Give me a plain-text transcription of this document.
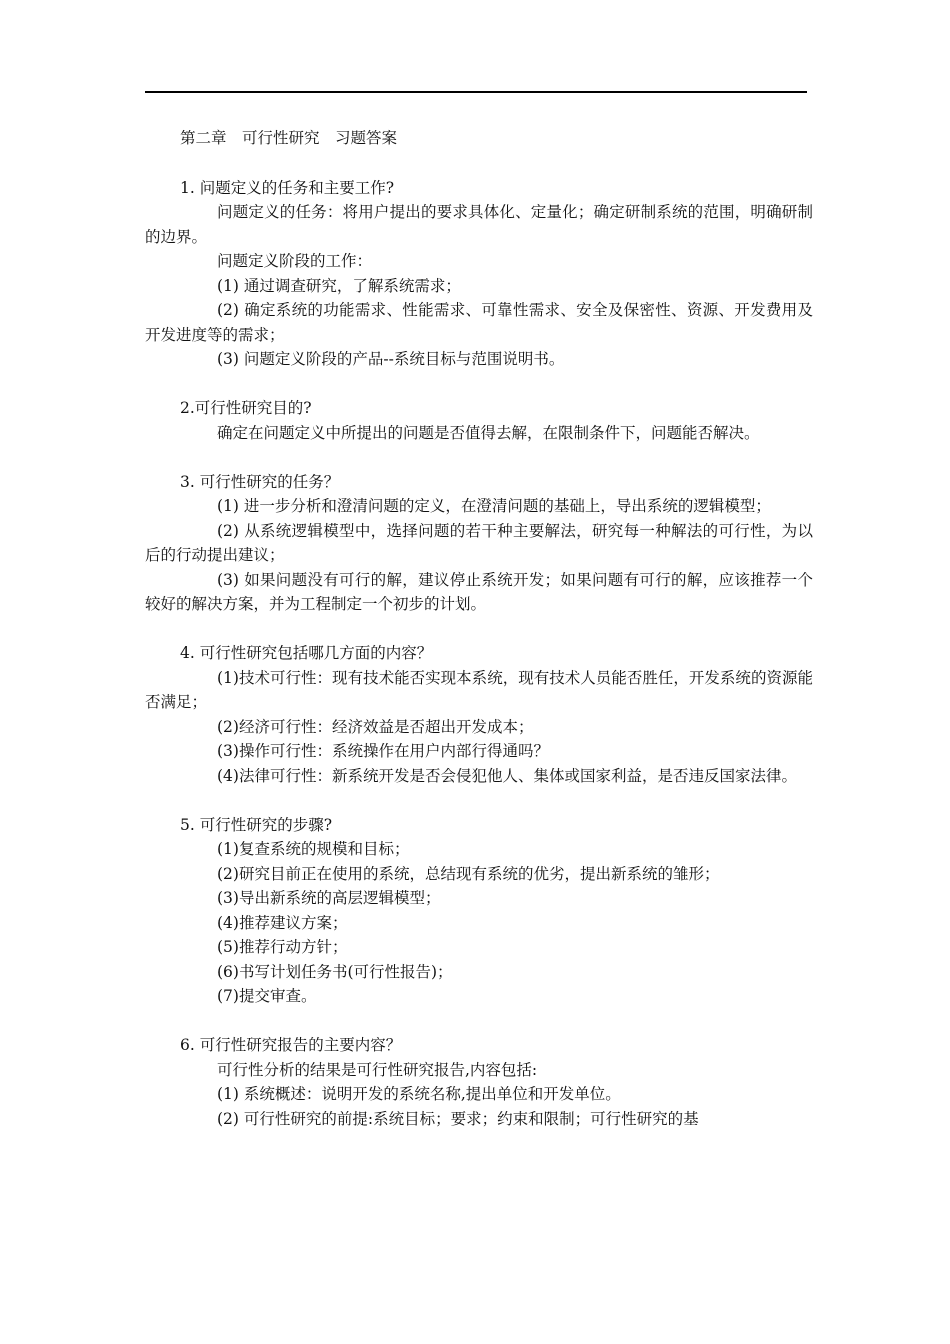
第二章　可行性研究　习题答案
1. 问题定义的任务和主要工作?
问题定义的任务：将用户提出的要求具体化、定量化；确定研制系统的范围，明确研制的边界。
问题定义阶段的工作：
(1) 通过调查研究，了解系统需求；
(2) 确定系统的功能需求、性能需求、可靠性需求、安全及保密性、资源、开发费用及开发进度等的需求；
(3) 问题定义阶段的产品--系统目标与范围说明书。
2.可行性研究目的?
确定在问题定义中所提出的问题是否值得去解，在限制条件下，问题能否解决。
3. 可行性研究的任务？
(1) 进一步分析和澄清问题的定义，在澄清问题的基础上，导出系统的逻辑模型；
(2) 从系统逻辑模型中，选择问题的若干种主要解法，研究每一种解法的可行性，为以后的行动提出建议；
(3) 如果问题没有可行的解，建议停止系统开发；如果问题有可行的解，应该推荐一个较好的解决方案，并为工程制定一个初步的计划。
4. 可行性研究包括哪几方面的内容？
(1)技术可行性：现有技术能否实现本系统，现有技术人员能否胜任，开发系统的资源能否满足；
(2)经济可行性：经济效益是否超出开发成本；
(3)操作可行性：系统操作在用户内部行得通吗？
(4)法律可行性：新系统开发是否会侵犯他人、集体或国家利益，是否违反国家法律。
5. 可行性研究的步骤?
(1)复查系统的规模和目标；
(2)研究目前正在使用的系统，总结现有系统的优劣，提出新系统的雏形；
(3)导出新系统的高层逻辑模型；
(4)推荐建议方案；
(5)推荐行动方针；
(6)书写计划任务书(可行性报告)；
(7)提交审查。
6. 可行性研究报告的主要内容？
可行性分析的结果是可行性研究报告,内容包括:
(1) 系统概述：说明开发的系统名称,提出单位和开发单位。
(2) 可行性研究的前提:系统目标；要求；约束和限制；可行性研究的基
